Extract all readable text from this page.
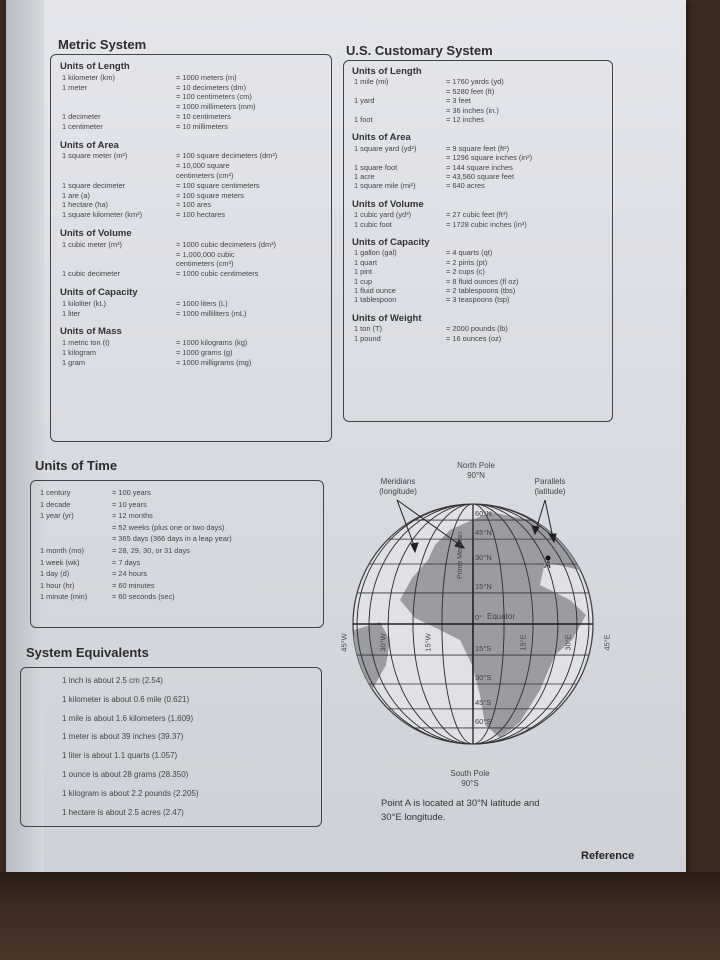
Metric System
Units of Length
1 kilometer (km)	= 1000 meters (m)
1 meter	= 10 decimeters (dm)
= 100 centimeters (cm)
= 1000 millimeters (mm)
1 decimeter	= 10 centimeters
1 centimeter	= 10 millimeters
Units of Area
1 square meter (m²)	= 100 square decimeters (dm²)
= 10,000 square
centimeters (cm²)
1 square decimeter	= 100 square centimeters
1 are (a)	= 100 square meters
1 hectare (ha)	= 100 ares
1 square kilometer (km²)	= 100 hectares
Units of Volume
1 cubic meter (m³)	= 1000 cubic decimeters (dm³)
= 1,000,000 cubic
centimeters (cm³)
1 cubic decimeter	= 1000 cubic centimeters
Units of Capacity
1 kiloliter (kL)	= 1000 liters (L)
1 liter	= 1000 milliliters (mL)
Units of Mass
1 metric ton (t)	= 1000 kilograms (kg)
1 kilogram	= 1000 grams (g)
1 gram	= 1000 milligrams (mg)
U.S. Customary System
Units of Length
1 mile (mi)	= 1760 yards (yd)
= 5280 feet (ft)
1 yard	= 3 feet
= 36 inches (in.)
1 foot	= 12 inches
Units of Area
1 square yard (yd²)	= 9 square feet (ft²)
= 1296 square inches (in²)
1 square foot	= 144 square inches
1 acre	= 43,560 square feet
1 square mile (mi²)	= 640 acres
Units of Volume
1 cubic yard (yd³)	= 27 cubic feet (ft³)
1 cubic foot	= 1728 cubic inches (in³)
Units of Capacity
1 gallon (gal)	= 4 quarts (qt)
1 quart	= 2 pints (pt)
1 pint	= 2 cups (c)
1 cup	= 8 fluid ounces (fl oz)
1 fluid ounce	= 2 tablespoons (tbs)
1 tablespoon	= 3 teaspoons (tsp)
Units of Weight
1 ton (T)	= 2000 pounds (lb)
1 pound	= 16 ounces (oz)
Units of Time
1 century	= 100 years
1 decade	= 10 years
1 year (yr)	= 12 months
= 52 weeks (plus one or two days)
= 365 days (366 days in a leap year)
1 month (mo)	= 28, 29, 30, or 31 days
1 week (wk)	= 7 days
1 day (d)	= 24 hours
1 hour (hr)	= 60 minutes
1 minute (min)	= 60 seconds (sec)
System Equivalents
1 inch is about 2.5 cm (2.54)
1 kilometer is about 0.6 mile (0.621)
1 mile is about 1.6 kilometers (1.609)
1 meter is about 39 inches (39.37)
1 liter is about 1.1 quarts (1.057)
1 ounce is about 28 grams (28.350)
1 kilogram is about 2.2 pounds (2.205)
1 hectare is about 2.5 acres (2.47)
North Pole
90°N
Meridians
(longitude)
Parallels
(latitude)
60°N
45°N
30°N
15°N
0°
15°S
30°S
45°S
60°S
45°W	30°W	15°W	15°E	30°E	45°E
Equator
Prime Meridian	A
South Pole
90°S
Point A is located at 30°N latitude and
30°E longitude.
Reference
